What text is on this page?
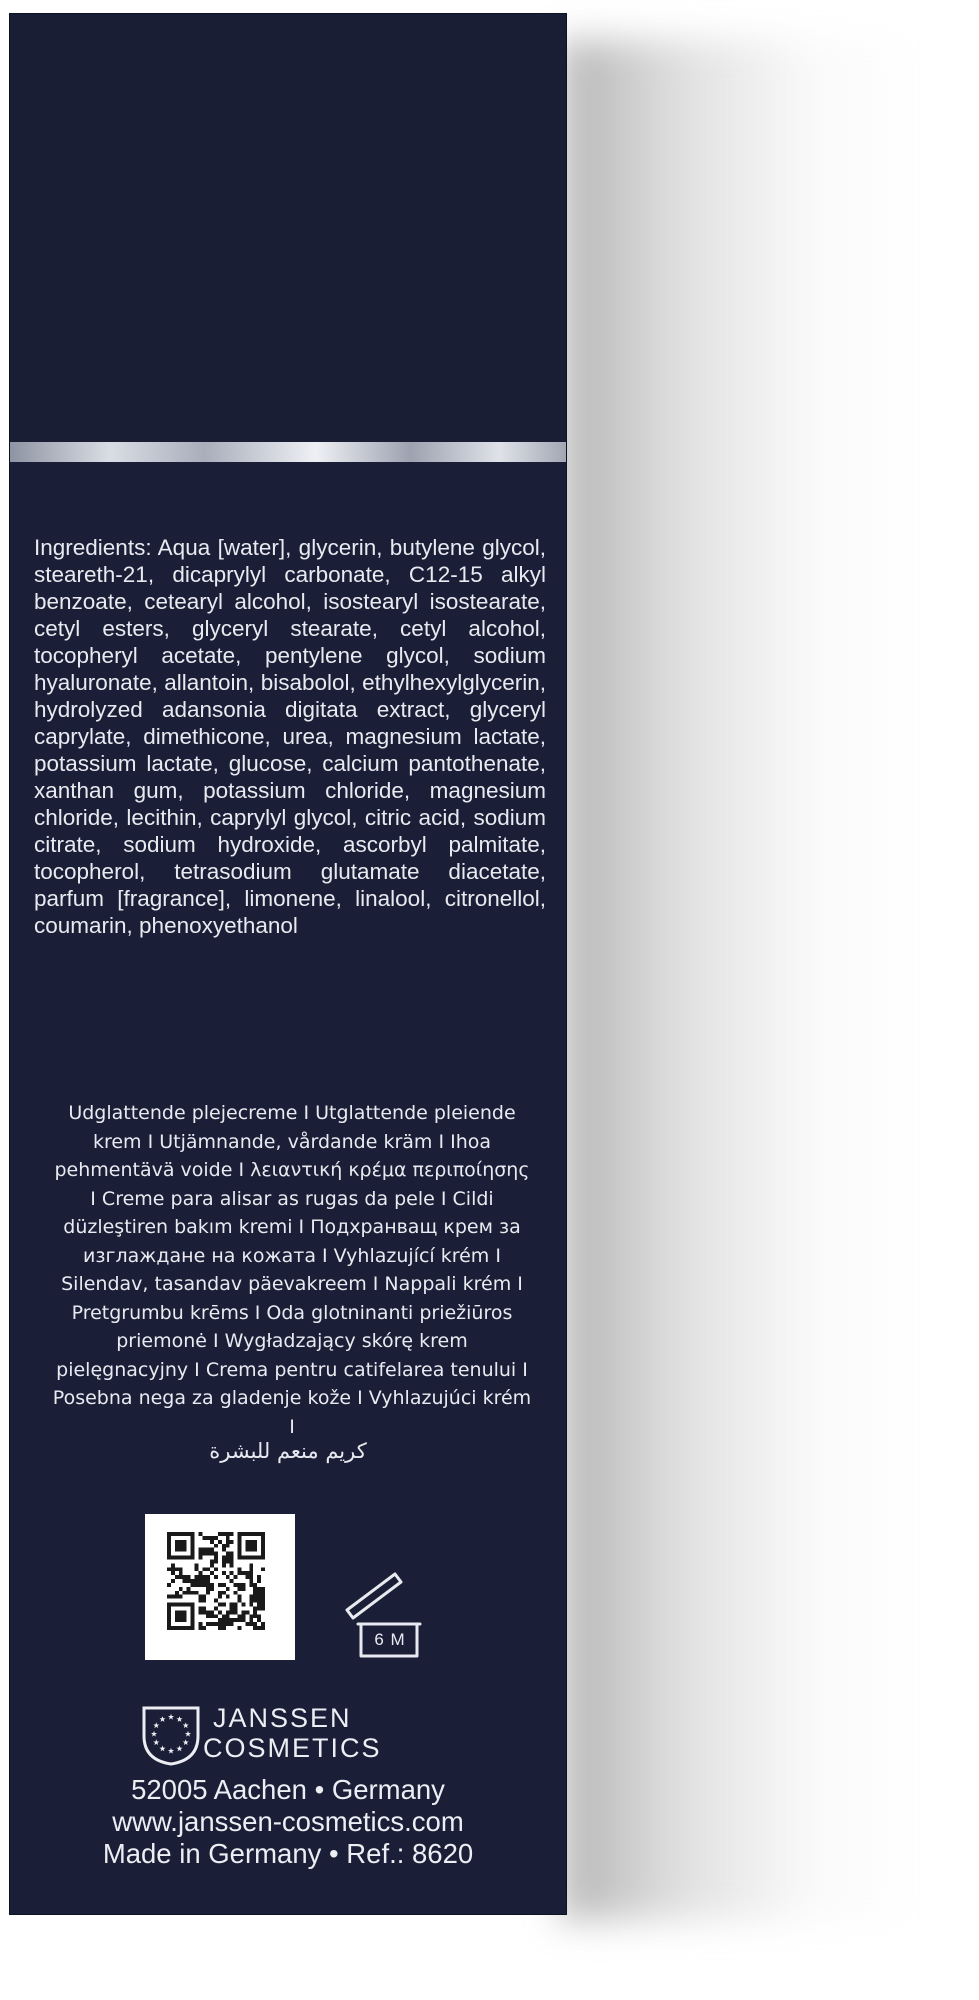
Ingredients: Aqua [water], glycerin, butylene glycol, steareth-21, dicaprylyl carbonate, C12-15 alkyl benzoate, cetearyl alcohol, isostearyl isostearate, cetyl esters, glyceryl stearate, cetyl alcohol, tocopheryl acetate, pentylene glycol, sodium hyaluronate, allantoin, bisabolol, ethylhexylglycerin, hydrolyzed adansonia digitata extract, glyceryl caprylate, dimethicone, urea, magnesium lactate, potassium lactate, glucose, calcium pantothenate, xanthan gum, potassium chloride, magnesium chloride, lecithin, caprylyl glycol, citric acid, sodium citrate, sodium hydroxide, ascorbyl palmitate, tocopherol, tetrasodium glutamate diacetate, parfum [fragrance], limonene, linalool, citronellol, coumarin, phenoxyethanol

Udglattende plejecreme I Utglattende pleiende krem I Utjämnande, vårdande kräm I Ihoa pehmentävä voide I λειαντική κρέμα περιποίησης I Creme para alisar as rugas da pele I Cildi düzleştiren bakım kremi I Подхранващ крем за изглаждане на кожата I Vyhlazující krém I Silendav, tasandav päevakreem I Nappali krém I Pretgrumbu krēms I Oda glotninanti priežiūros priemonė I Wygładzający skórę krem pielęgnacyjny I Crema pentru catifelarea tenului I Posebna nega za gladenje kože I Vyhlazujúci krém I

كريم منعم للبشرة
6 M
JANSSEN
COSMETICS
52005 Aachen • Germany
www.janssen-cosmetics.com
Made in Germany • Ref.: 8620
